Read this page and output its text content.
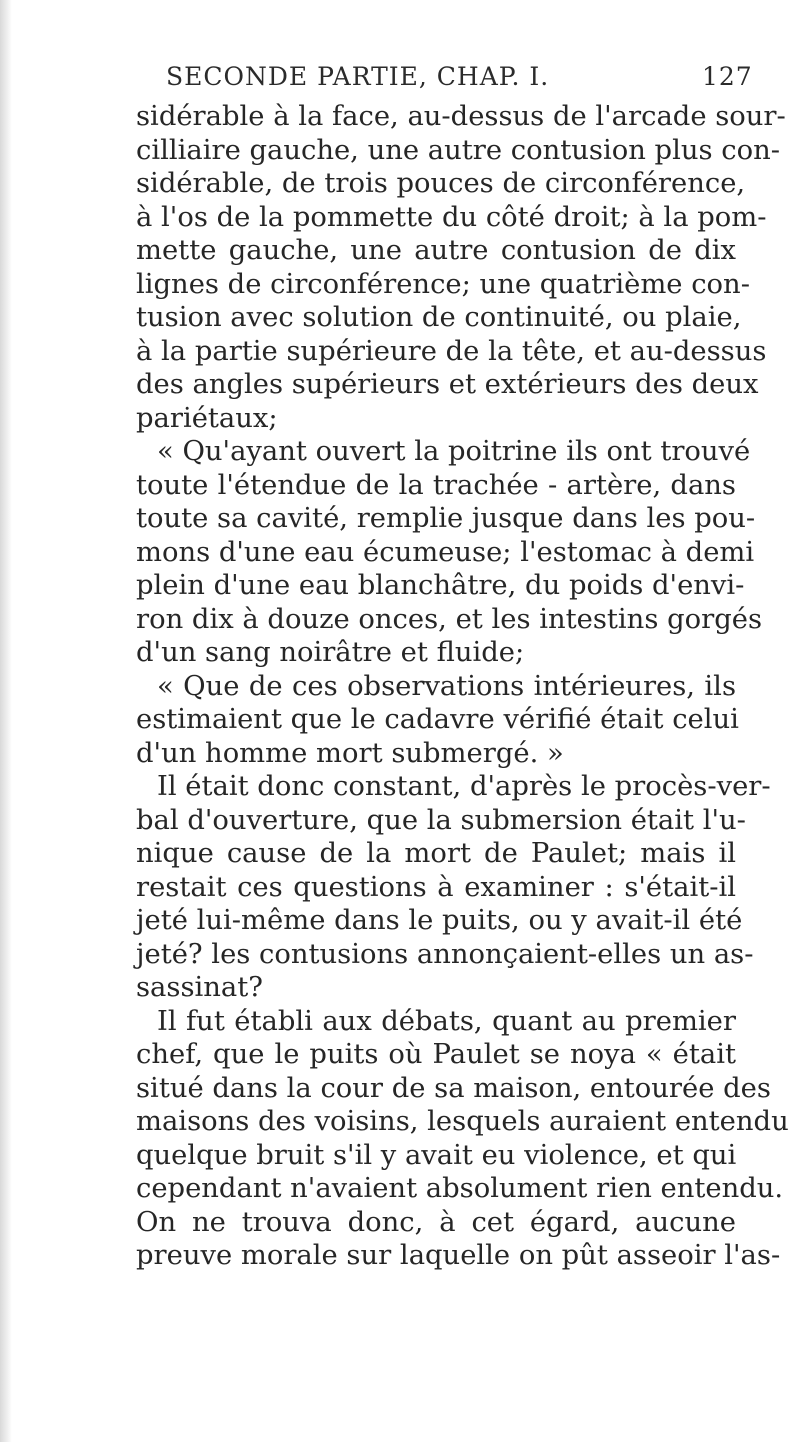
SECONDE PARTIE, CHAP. I.	127
sidérable à la face, au-dessus de l'arcade sour-
cilliaire gauche, une autre contusion plus con-
sidérable, de trois pouces de circonférence,
à l'os de la pommette du côté droit; à la pom-
mette gauche, une autre contusion de dix
lignes de circonférence; une quatrième con-
tusion avec solution de continuité, ou plaie,
à la partie supérieure de la tête, et au-dessus
des angles supérieurs et extérieurs des deux
pariétaux;
« Qu'ayant ouvert la poitrine ils ont trouvé
toute l'étendue de la trachée - artère, dans
toute sa cavité, remplie jusque dans les pou-
mons d'une eau écumeuse; l'estomac à demi
plein d'une eau blanchâtre, du poids d'envi-
ron dix à douze onces, et les intestins gorgés
d'un sang noirâtre et fluide;
« Que de ces observations intérieures, ils
estimaient que le cadavre vérifié était celui
d'un homme mort submergé. »
Il était donc constant, d'après le procès-ver-
bal d'ouverture, que la submersion était l'u-
nique cause de la mort de Paulet; mais il
restait ces questions à examiner : s'était-il
jeté lui-même dans le puits, ou y avait-il été
jeté? les contusions annonçaient-elles un as-
sassinat?
Il fut établi aux débats, quant au premier
chef, que le puits où Paulet se noya « était
situé dans la cour de sa maison, entourée des
maisons des voisins, lesquels auraient entendu
quelque bruit s'il y avait eu violence, et qui
cependant n'avaient absolument rien entendu.
On ne trouva donc, à cet égard, aucune
preuve morale sur laquelle on pût asseoir l'as-
